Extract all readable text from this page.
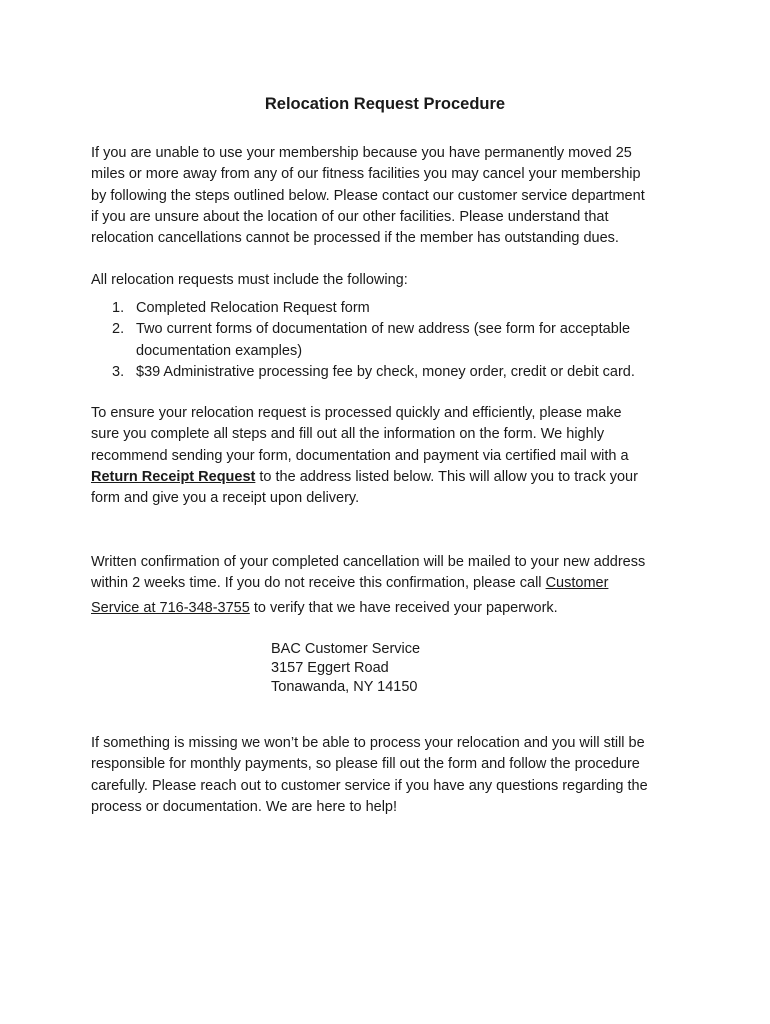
Relocation Request Procedure
If you are unable to use your membership because you have permanently moved 25
miles or more away from any of our fitness facilities you may cancel your membership
by following the steps outlined below. Please contact our customer service department
if you are unsure about the location of our other facilities. Please understand that
relocation cancellations cannot be processed if the member has outstanding dues.
All relocation requests must include the following:
1. Completed Relocation Request form
2. Two current forms of documentation of new address (see form for acceptable
documentation examples)
3. $39 Administrative processing fee by check, money order, credit or debit card.
To ensure your relocation request is processed quickly and efficiently, please make
sure you complete all steps and fill out all the information on the form. We highly
recommend sending your form, documentation and payment via certified mail with a
Return Receipt Request to the address listed below. This will allow you to track your
form and give you a receipt upon delivery.
Written confirmation of your completed cancellation will be mailed to your new address
within 2 weeks time. If you do not receive this confirmation, please call Customer
Service at 716-348-3755 to verify that we have received your paperwork.
BAC Customer Service
3157 Eggert Road
Tonawanda, NY 14150
If something is missing we won’t be able to process your relocation and you will still be
responsible for monthly payments, so please fill out the form and follow the procedure
carefully. Please reach out to customer service if you have any questions regarding the
process or documentation. We are here to help!
